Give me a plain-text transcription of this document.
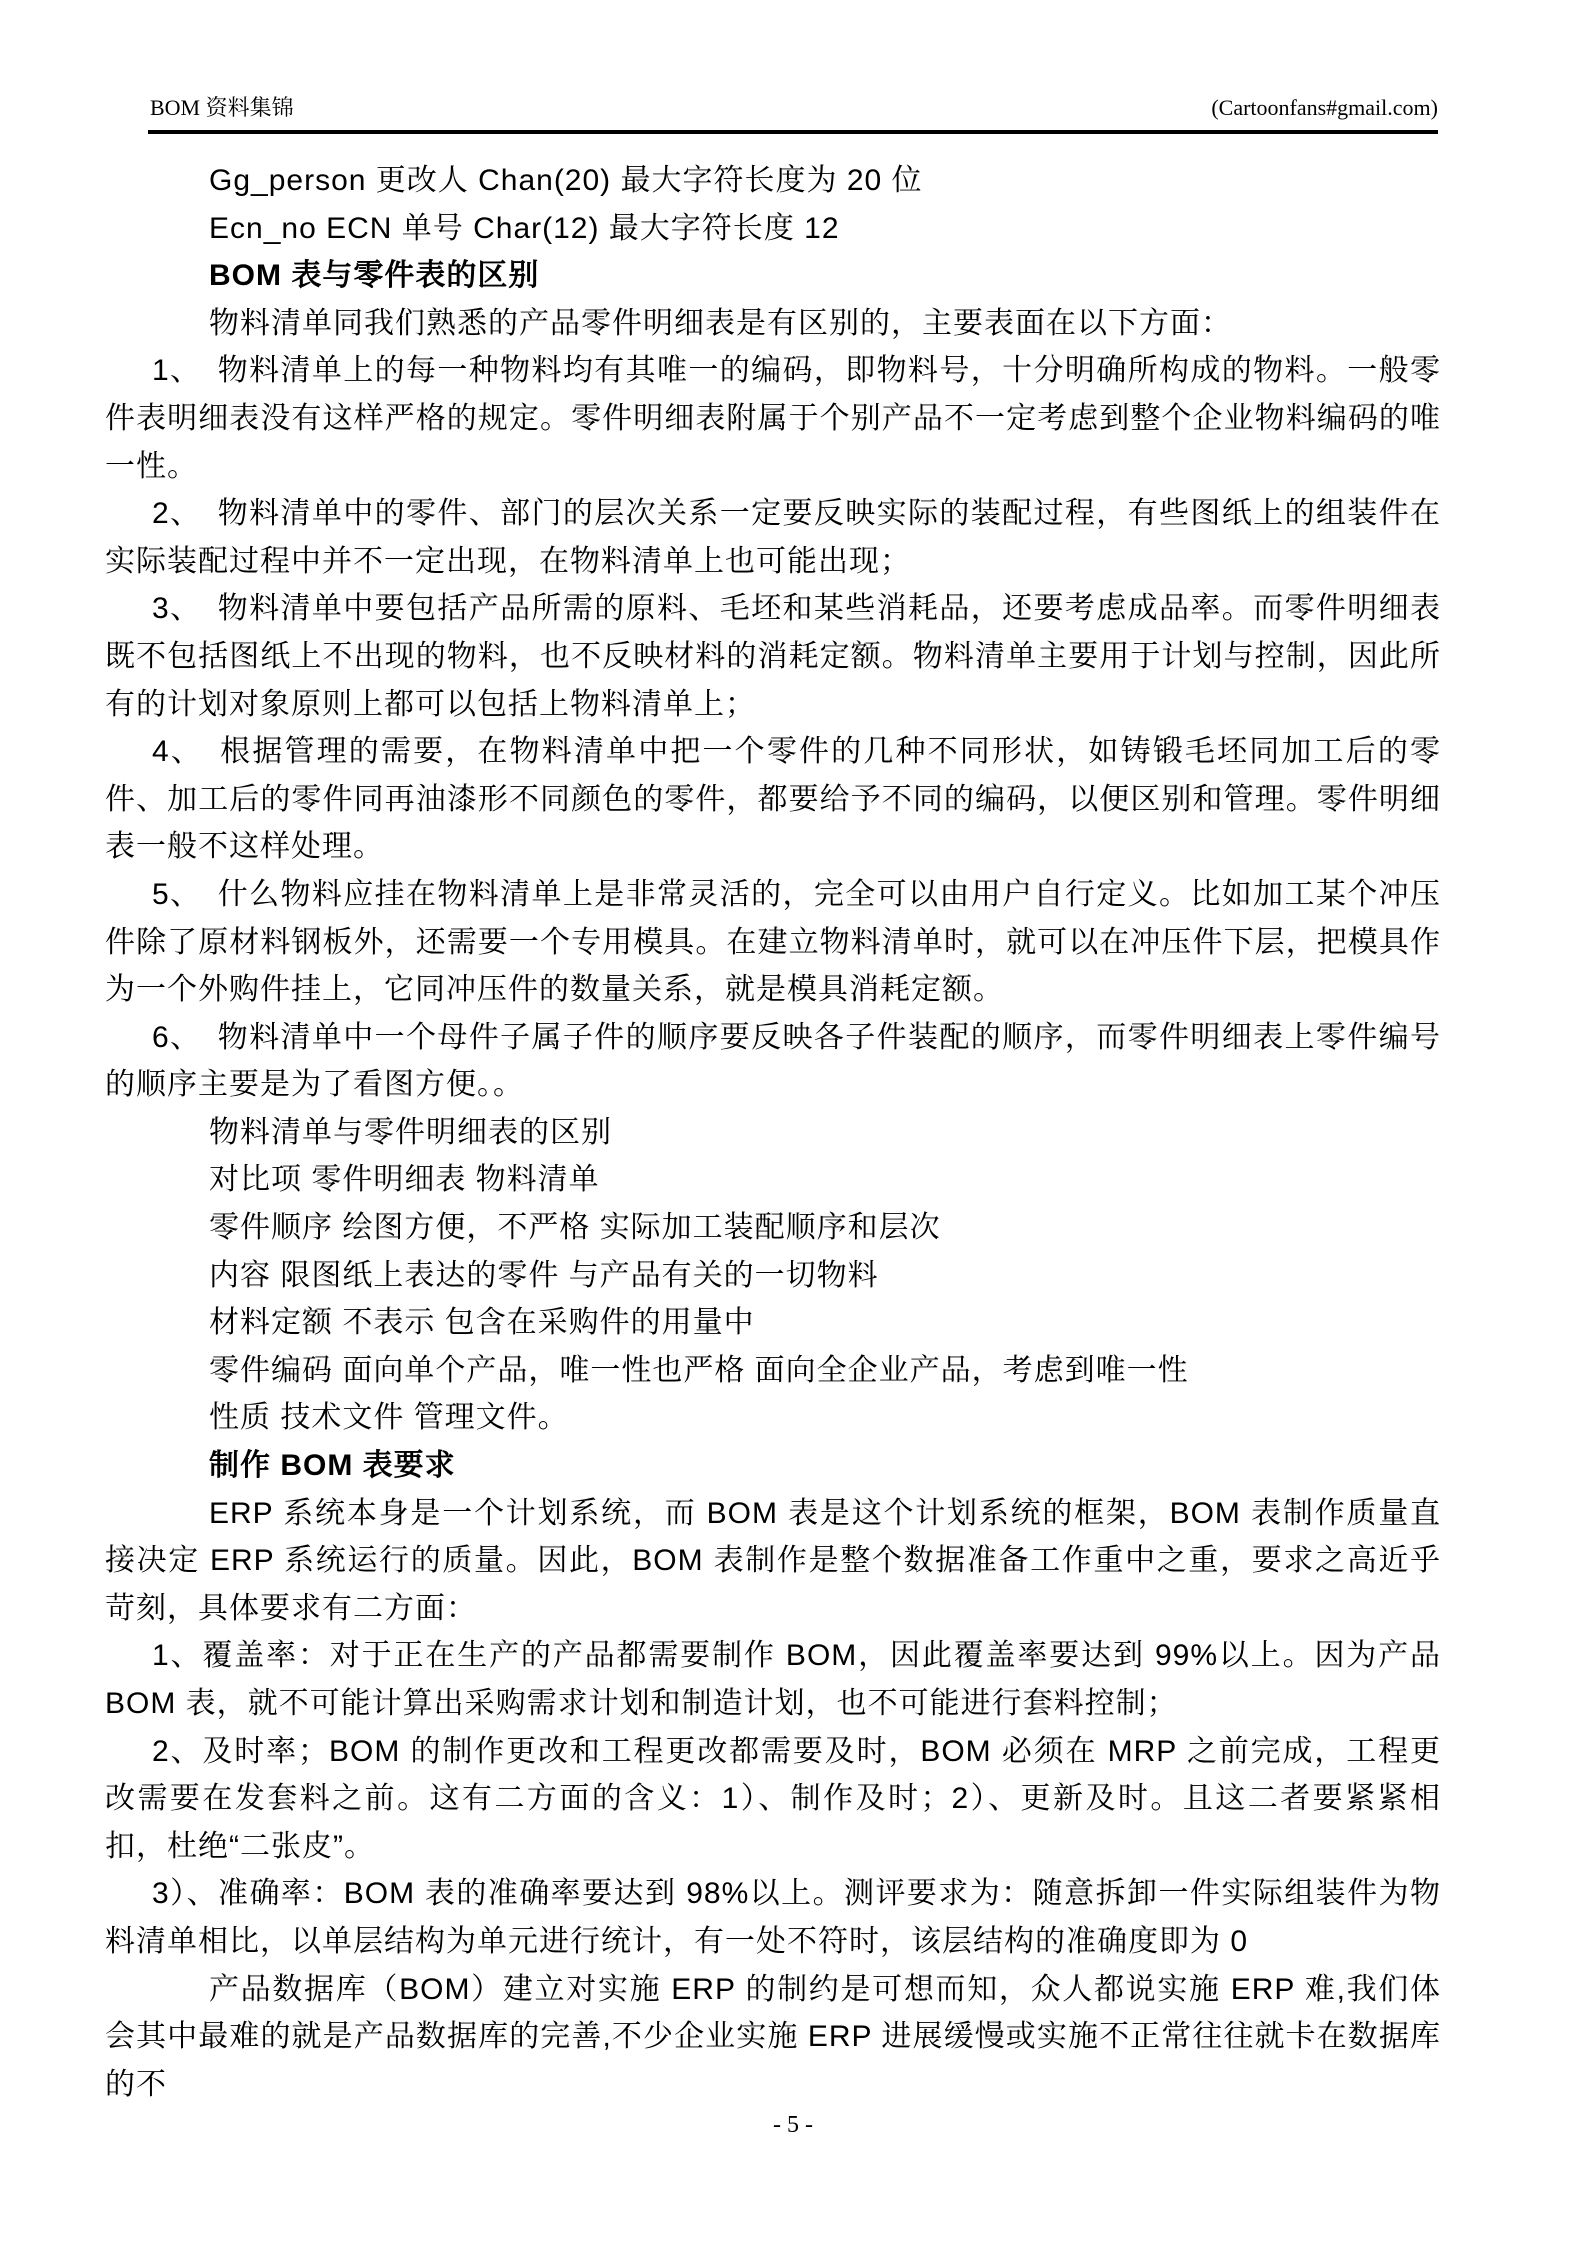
BOM 资料集锦	(Cartoonfans#gmail.com)

Gg_person 更改人 Chan(20) 最大字符长度为 20 位

Ecn_no ECN 单号 Char(12) 最大字符长度 12

BOM 表与零件表的区别

物料清单同我们熟悉的产品零件明细表是有区别的，主要表面在以下方面：

1、　物料清单上的每一种物料均有其唯一的编码，即物料号，十分明确所构成的物料。一般零件表明细表没有这样严格的规定。零件明细表附属于个别产品不一定考虑到整个企业物料编码的唯一性。

2、　物料清单中的零件、部门的层次关系一定要反映实际的装配过程，有些图纸上的组装件在实际装配过程中并不一定出现，在物料清单上也可能出现；

3、　物料清单中要包括产品所需的原料、毛坯和某些消耗品，还要考虑成品率。而零件明细表既不包括图纸上不出现的物料，也不反映材料的消耗定额。物料清单主要用于计划与控制，因此所有的计划对象原则上都可以包括上物料清单上；

4、　根据管理的需要，在物料清单中把一个零件的几种不同形状，如铸锻毛坯同加工后的零件、加工后的零件同再油漆形不同颜色的零件，都要给予不同的编码，以便区别和管理。零件明细表一般不这样处理。

5、　什么物料应挂在物料清单上是非常灵活的，完全可以由用户自行定义。比如加工某个冲压件除了原材料钢板外，还需要一个专用模具。在建立物料清单时，就可以在冲压件下层，把模具作为一个外购件挂上，它同冲压件的数量关系，就是模具消耗定额。

6、　物料清单中一个母件子属子件的顺序要反映各子件装配的顺序，而零件明细表上零件编号的顺序主要是为了看图方便。。

物料清单与零件明细表的区别

对比项 零件明细表 物料清单

零件顺序 绘图方便，不严格 实际加工装配顺序和层次

内容 限图纸上表达的零件 与产品有关的一切物料

材料定额 不表示 包含在采购件的用量中

零件编码 面向单个产品，唯一性也严格 面向全企业产品，考虑到唯一性

性质 技术文件 管理文件。

制作 BOM 表要求

ERP 系统本身是一个计划系统，而 BOM 表是这个计划系统的框架，BOM 表制作质量直接决定 ERP 系统运行的质量。因此，BOM 表制作是整个数据准备工作重中之重，要求之高近乎苛刻，具体要求有二方面：

1、覆盖率：对于正在生产的产品都需要制作 BOM，因此覆盖率要达到 99%以上。因为产品 BOM 表，就不可能计算出采购需求计划和制造计划，也不可能进行套料控制；

2、及时率；BOM 的制作更改和工程更改都需要及时，BOM 必须在 MRP 之前完成，工程更改需要在发套料之前。这有二方面的含义：1）、制作及时；2）、更新及时。且这二者要紧紧相扣，杜绝“二张皮”。

3）、准确率：BOM 表的准确率要达到 98%以上。测评要求为：随意拆卸一件实际组装件为物料清单相比，以单层结构为单元进行统计，有一处不符时，该层结构的准确度即为 0

产品数据库（BOM）建立对实施 ERP 的制约是可想而知，众人都说实施 ERP 难,我们体会其中最难的就是产品数据库的完善,不少企业实施 ERP 进展缓慢或实施不正常往往就卡在数据库的不

- 5 -
